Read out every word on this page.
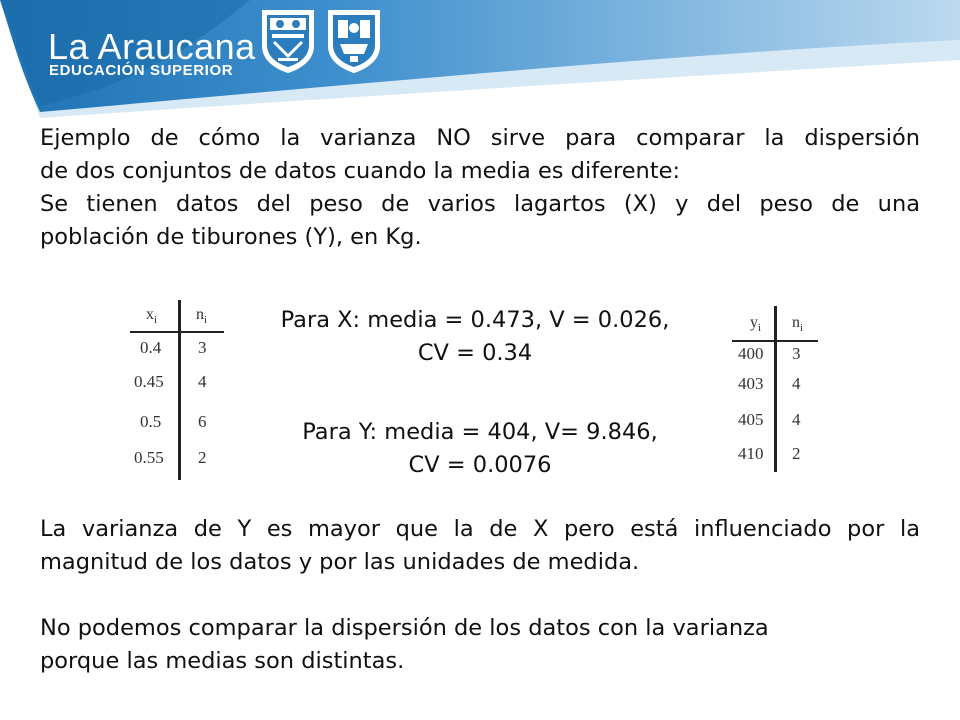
La Araucana
EDUCACIÓN SUPERIOR
Ejemplo de cómo la varianza NO sirve para comparar la dispersión
de dos conjuntos de datos cuando la media es diferente:
Se tienen datos del peso de varios lagartos (X) y del peso de una
población de tiburones (Y), en Kg.
$x_i$ $n_i$
0.4 3
0.45 4
0.5 6
0.55 2
$y_i$ $n_i$
400 3
403 4
405 4
410 2
Para X: media = 0.473, V = 0.026,
CV = 0.34
Para Y: media = 404, V= 9.846,
CV = 0.0076
La varianza de Y es mayor que la de X pero está influenciado por la
magnitud de los datos y por las unidades de medida.
No podemos comparar la dispersión de los datos con la varianza
porque las medias son distintas.
